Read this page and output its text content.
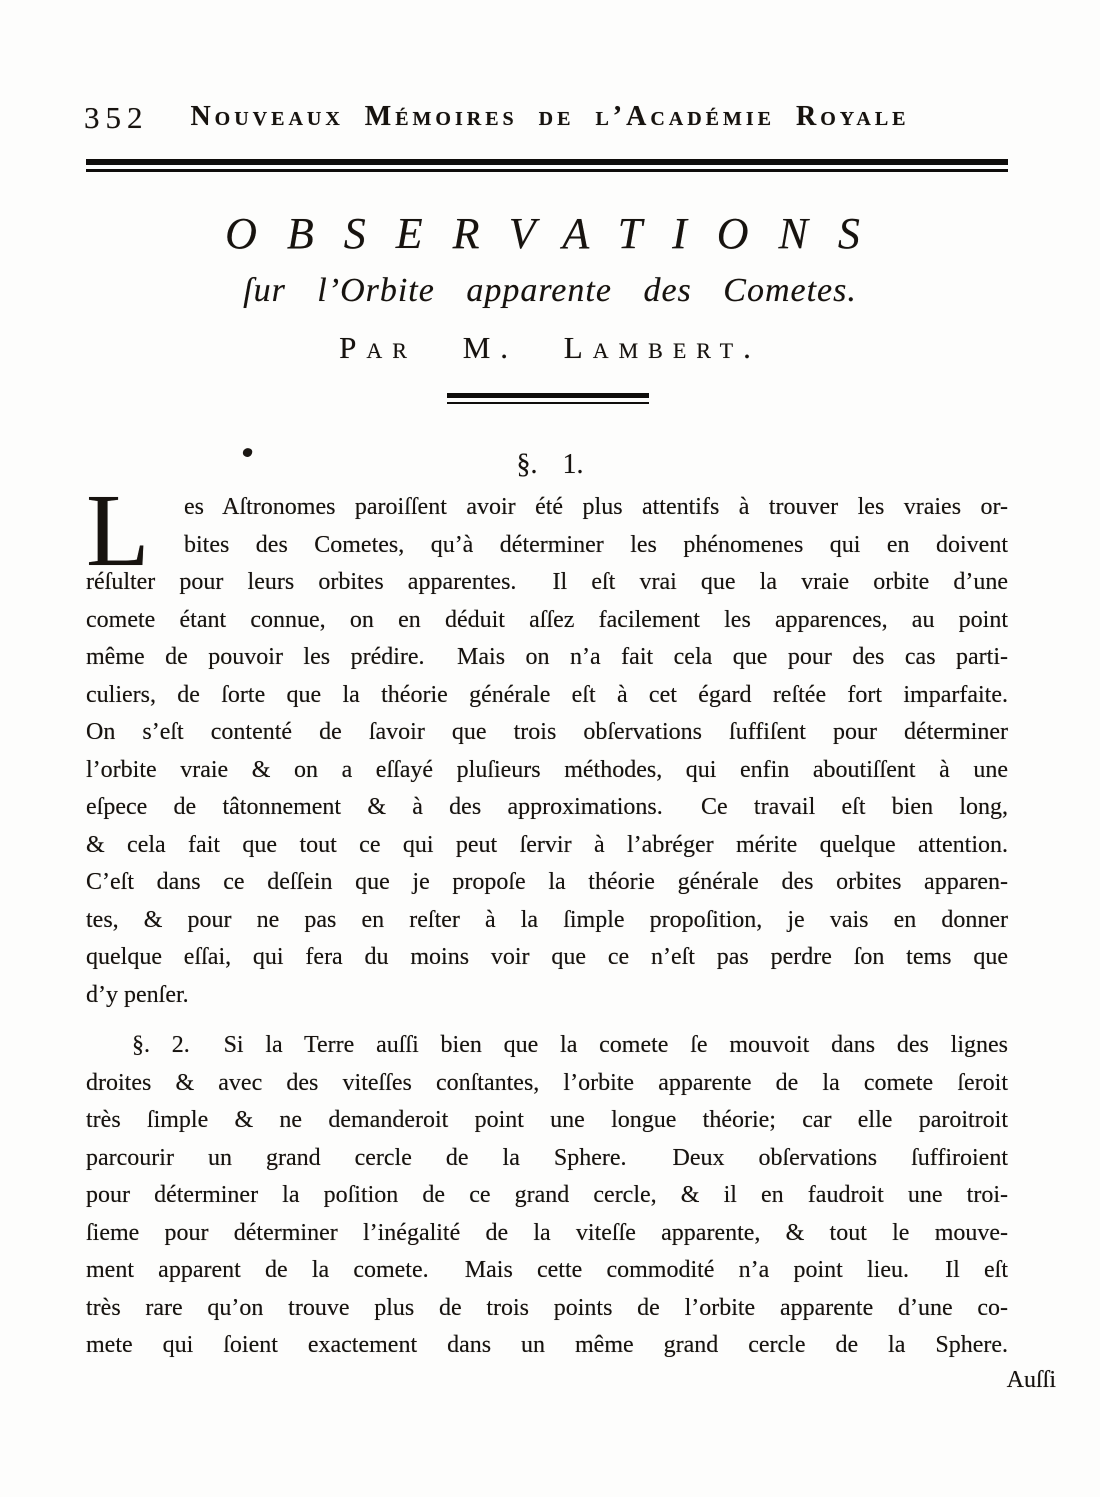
352	Nouveaux Mémoires de l’Académie Royale
OBSERVATIONS
ſur l’Orbite apparente des Cometes.
Par M. Lambert.
§. 1.
L	es Aſtronomes paroiſſent avoir été plus attentifs à trouver les vraies or-
bites des Cometes, qu’à déterminer les phénomenes qui en doivent
réſulter pour leurs orbites apparentes.  Il eſt vrai que la vraie orbite d’une
comete étant connue, on en déduit aſſez facilement les apparences, au point
même de pouvoir les prédire.  Mais on n’a fait cela que pour des cas parti-
culiers, de ſorte que la théorie générale eſt à cet égard reſtée fort imparfaite.
On s’eſt contenté de ſavoir que trois obſervations ſuffiſent pour déterminer
l’orbite vraie & on a eſſayé pluſieurs méthodes, qui enfin aboutiſſent à une
eſpece de tâtonnement & à des approximations.  Ce travail eſt bien long,
& cela fait que tout ce qui peut ſervir à l’abréger mérite quelque attention.
C’eſt dans ce deſſein que je propoſe la théorie générale des orbites apparen-
tes, & pour ne pas en reſter à la ſimple propoſition, je vais en donner
quelque eſſai, qui fera du moins voir que ce n’eſt pas perdre ſon tems que
d’y penſer.
§. 2.  Si la Terre auſſi bien que la comete ſe mouvoit dans des lignes
droites & avec des viteſſes conſtantes, l’orbite apparente de la comete ſeroit
très ſimple & ne demanderoit point une longue théorie; car elle paroitroit
parcourir un grand cercle de la Sphere.  Deux obſervations ſuffiroient
pour déterminer la poſition de ce grand cercle, & il en faudroit une troi-
ſieme pour déterminer l’inégalité de la viteſſe apparente, & tout le mouve-
ment apparent de la comete.  Mais cette commodité n’a point lieu.  Il eſt
très rare qu’on trouve plus de trois points de l’orbite apparente d’une co-
mete qui ſoient exactement dans un même grand cercle de la Sphere.
Auſſi
